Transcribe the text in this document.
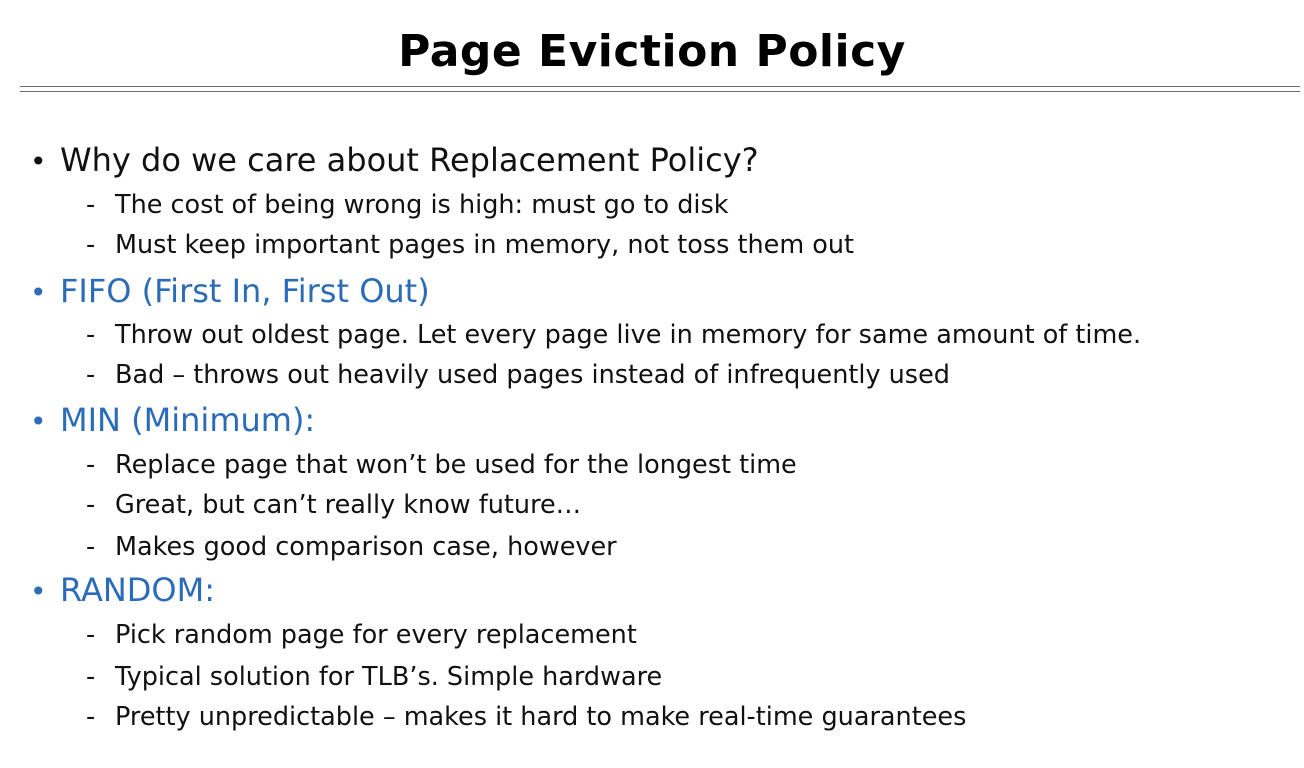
Page Eviction Policy
• Why do we care about Replacement Policy?
- The cost of being wrong is high: must go to disk
- Must keep important pages in memory, not toss them out
• FIFO (First In, First Out)
- Throw out oldest page. Let every page live in memory for same amount of time.
- Bad – throws out heavily used pages instead of infrequently used
• MIN (Minimum):
- Replace page that won’t be used for the longest time
- Great, but can’t really know future…
- Makes good comparison case, however
• RANDOM:
- Pick random page for every replacement
- Typical solution for TLB’s. Simple hardware
- Pretty unpredictable – makes it hard to make real-time guarantees
